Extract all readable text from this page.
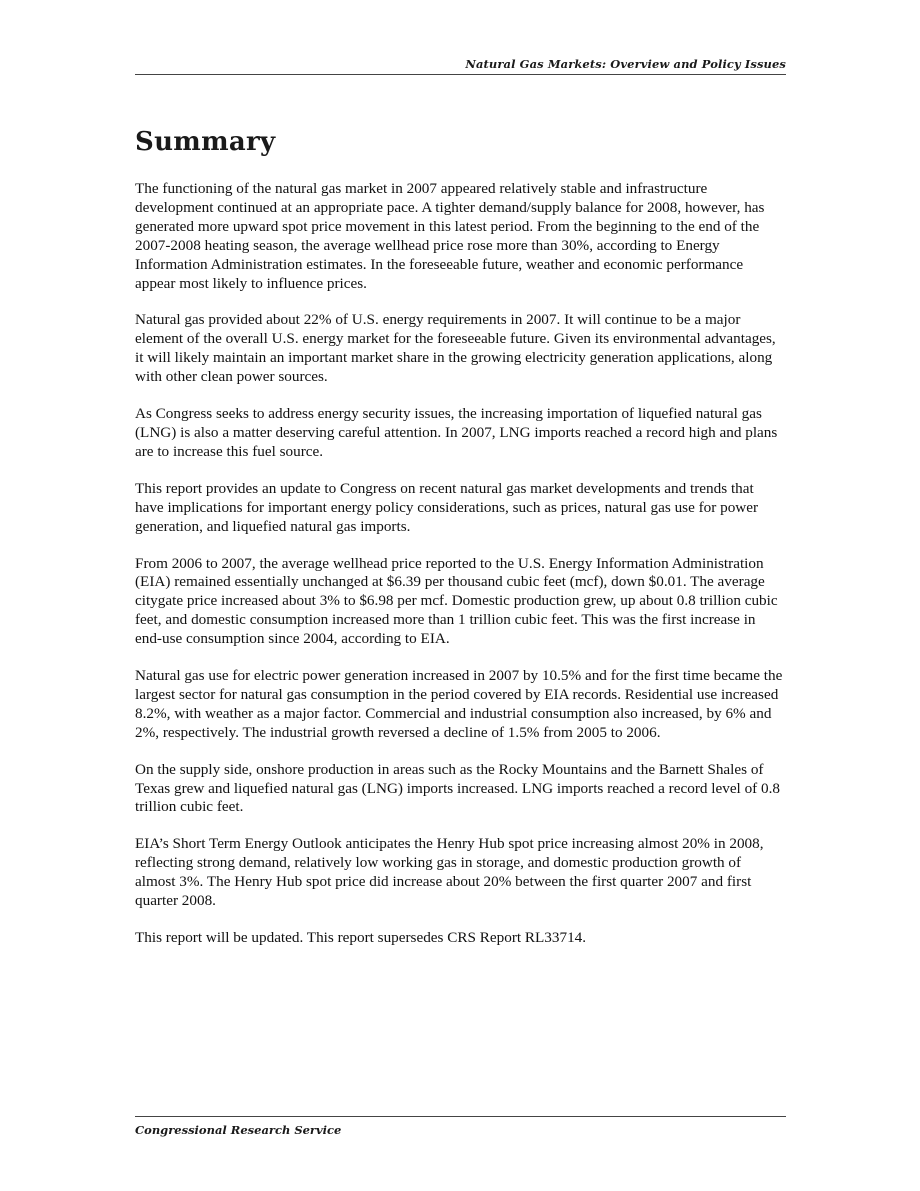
Natural Gas Markets: Overview and Policy Issues
Summary

The functioning of the natural gas market in 2007 appeared relatively stable and infrastructure development continued at an appropriate pace. A tighter demand/supply balance for 2008, however, has generated more upward spot price movement in this latest period. From the beginning to the end of the 2007-2008 heating season, the average wellhead price rose more than 30%, according to Energy Information Administration estimates. In the foreseeable future, weather and economic performance appear most likely to influence prices.

Natural gas provided about 22% of U.S. energy requirements in 2007. It will continue to be a major element of the overall U.S. energy market for the foreseeable future. Given its environmental advantages, it will likely maintain an important market share in the growing electricity generation applications, along with other clean power sources.

As Congress seeks to address energy security issues, the increasing importation of liquefied natural gas (LNG) is also a matter deserving careful attention. In 2007, LNG imports reached a record high and plans are to increase this fuel source.

This report provides an update to Congress on recent natural gas market developments and trends that have implications for important energy policy considerations, such as prices, natural gas use for power generation, and liquefied natural gas imports.

From 2006 to 2007, the average wellhead price reported to the U.S. Energy Information Administration (EIA) remained essentially unchanged at $6.39 per thousand cubic feet (mcf), down $0.01. The average citygate price increased about 3% to $6.98 per mcf. Domestic production grew, up about 0.8 trillion cubic feet, and domestic consumption increased more than 1 trillion cubic feet. This was the first increase in end-use consumption since 2004, according to EIA.

Natural gas use for electric power generation increased in 2007 by 10.5% and for the first time became the largest sector for natural gas consumption in the period covered by EIA records. Residential use increased 8.2%, with weather as a major factor. Commercial and industrial consumption also increased, by 6% and 2%, respectively. The industrial growth reversed a decline of 1.5% from 2005 to 2006.

On the supply side, onshore production in areas such as the Rocky Mountains and the Barnett Shales of Texas grew and liquefied natural gas (LNG) imports increased. LNG imports reached a record level of 0.8 trillion cubic feet.

EIA’s Short Term Energy Outlook anticipates the Henry Hub spot price increasing almost 20% in 2008, reflecting strong demand, relatively low working gas in storage, and domestic production growth of almost 3%. The Henry Hub spot price did increase about 20% between the first quarter 2007 and first quarter 2008.

This report will be updated. This report supersedes CRS Report RL33714.

Congressional Research Service
